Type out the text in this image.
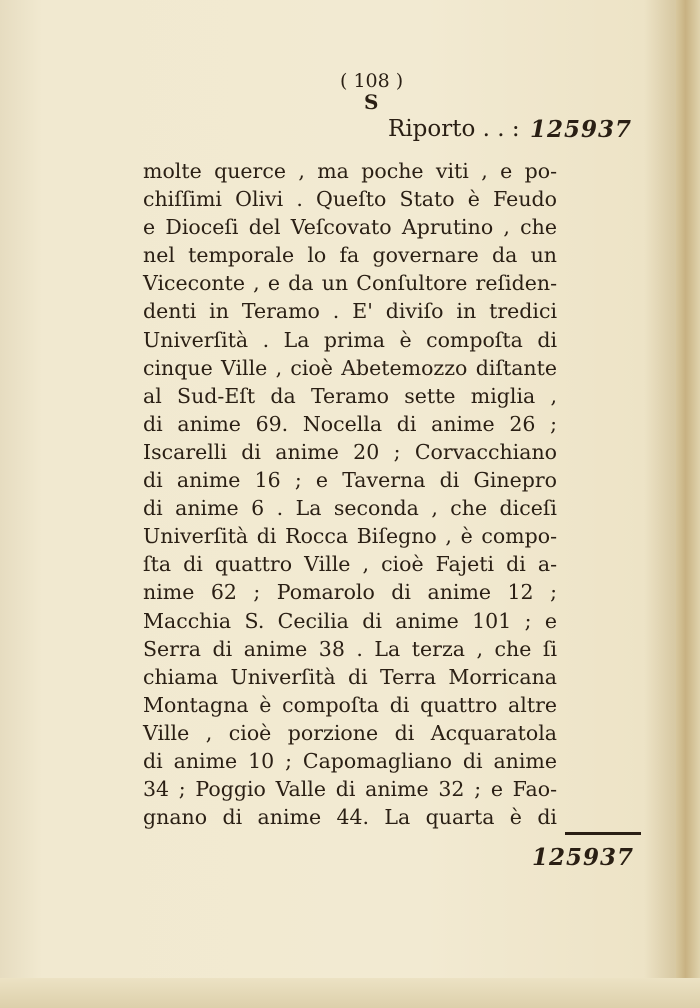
( 108 )
S
Riporto . . : 125937
molte querce , ma poche viti , e po-
chiſſimi Olivi . Queſto Stato è Feudo
e Dioceſi del Veſcovato Aprutino , che
nel temporale lo fa governare da un
Viceconte , e da un Conſultore reſiden-
denti in Teramo . E' diviſo in tredici
Univerſità . La prima è compoſta di
cinque Ville , cioè Abetemozzo diſtante
al Sud-Eſt da Teramo sette miglia ,
di anime 69. Nocella di anime 26 ;
Iscarelli di anime 20 ; Corvacchiano
di anime 16 ; e Taverna di Ginepro
di anime 6 . La seconda , che diceſi
Univerſità di Rocca Biſegno , è compo-
ſta di quattro Ville , cioè Fajeti di a-
nime 62 ; Pomarolo di anime 12 ;
Macchia S. Cecilia di anime 101 ; e
Serra di anime 38 . La terza , che ſi
chiama Univerſità di Terra Morricana
Montagna è compoſta di quattro altre
Ville , cioè porzione di Acquaratola
di anime 10 ; Capomagliano di anime
34 ; Poggio Valle di anime 32 ; e Fao-
gnano di anime 44. La quarta è di
125937
